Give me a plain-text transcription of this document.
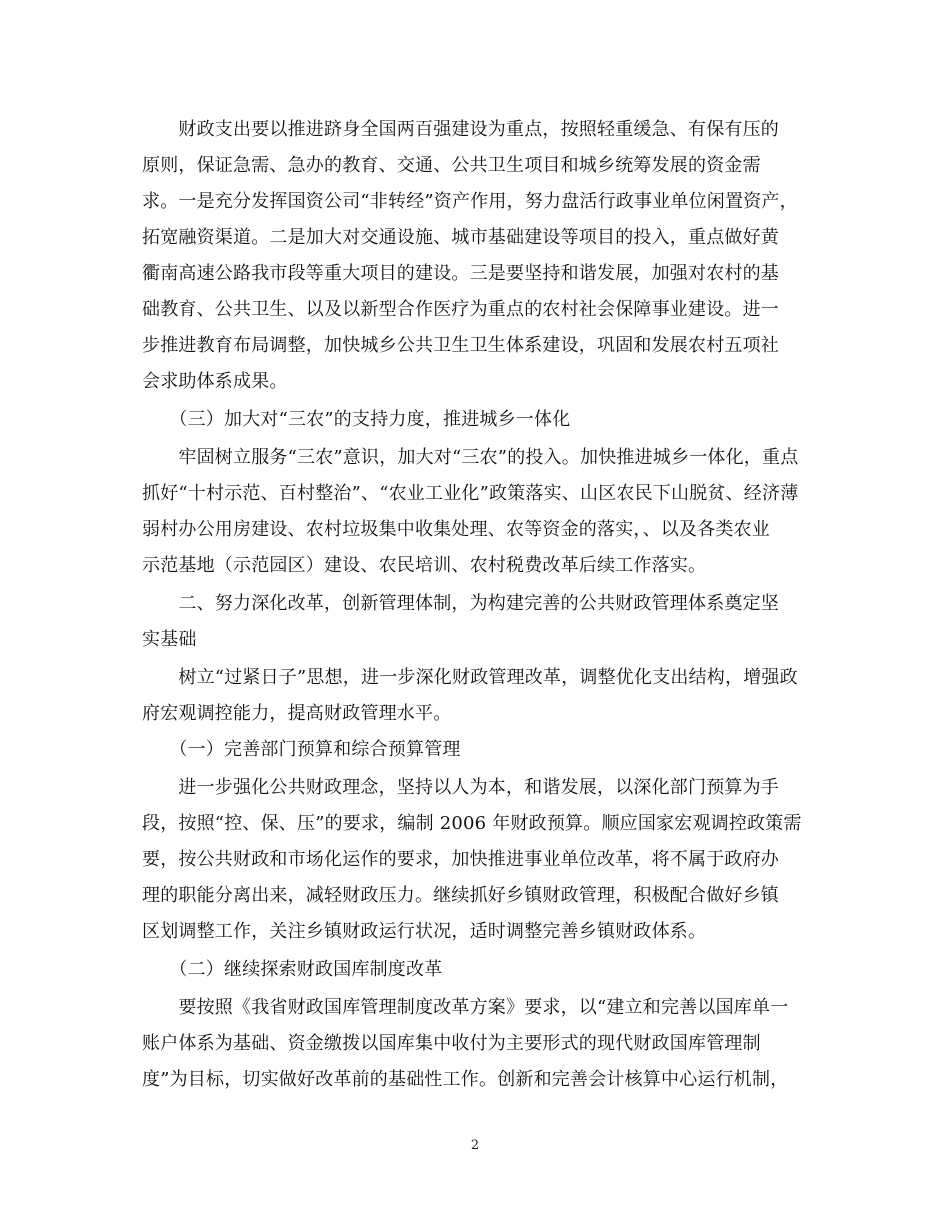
　　财政支出要以推进跻身全国两百强建设为重点，按照轻重缓急、有保有压的
原则，保证急需、急办的教育、交通、公共卫生项目和城乡统筹发展的资金需
求。一是充分发挥国资公司“非转经”资产作用，努力盘活行政事业单位闲置资产，
拓宽融资渠道。二是加大对交通设施、城市基础建设等项目的投入，重点做好黄
衢南高速公路我市段等重大项目的建设。三是要坚持和谐发展，加强对农村的基
础教育、公共卫生、以及以新型合作医疗为重点的农村社会保障事业建设。进一
步推进教育布局调整，加快城乡公共卫生卫生体系建设，巩固和发展农村五项社
会求助体系成果。
　　（三）加大对“三农”的支持力度，推进城乡一体化
　　牢固树立服务“三农”意识，加大对“三农”的投入。加快推进城乡一体化，重点
抓好“十村示范、百村整治”、“农业工业化”政策落实、山区农民下山脱贫、经济薄
弱村办公用房建设、农村垃圾集中收集处理、农等资金的落实，、以及各类农业
示范基地（示范园区）建设、农民培训、农村税费改革后续工作落实。
　　二、努力深化改革，创新管理体制，为构建完善的公共财政管理体系奠定坚
实基础
　　树立“过紧日子”思想，进一步深化财政管理改革，调整优化支出结构，增强政
府宏观调控能力，提高财政管理水平。
　　（一）完善部门预算和综合预算管理
　　进一步强化公共财政理念，坚持以人为本，和谐发展，以深化部门预算为手
段，按照“控、保、压”的要求，编制 2006 年财政预算。顺应国家宏观调控政策需
要，按公共财政和市场化运作的要求，加快推进事业单位改革，将不属于政府办
理的职能分离出来，减轻财政压力。继续抓好乡镇财政管理，积极配合做好乡镇
区划调整工作，关注乡镇财政运行状况，适时调整完善乡镇财政体系。
　　（二）继续探索财政国库制度改革
　　要按照《我省财政国库管理制度改革方案》要求，以“建立和完善以国库单一
账户体系为基础、资金缴拨以国库集中收付为主要形式的现代财政国库管理制
度”为目标，切实做好改革前的基础性工作。创新和完善会计核算中心运行机制，
2
